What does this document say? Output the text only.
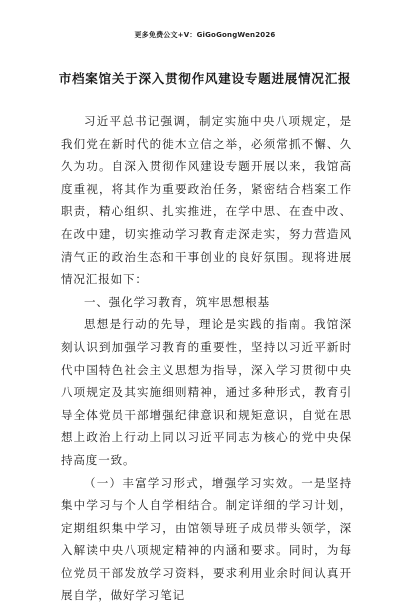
更多免费公文+V：GiGoGongWen2026
市档案馆关于深入贯彻作风建设专题进展情况汇报

习近平总书记强调，制定实施中央八项规定，是我们党在新时代的徙木立信之举，必须常抓不懈、久久为功。自深入贯彻作风建设专题开展以来，我馆高度重视，将其作为重要政治任务，紧密结合档案工作职责，精心组织、扎实推进，在学中思、在查中改、在改中建，切实推动学习教育走深走实，努力营造风清气正的政治生态和干事创业的良好氛围。现将进展情况汇报如下：

一、强化学习教育，筑牢思想根基

思想是行动的先导，理论是实践的指南。我馆深刻认识到加强学习教育的重要性，坚持以习近平新时代中国特色社会主义思想为指导，深入学习贯彻中央八项规定及其实施细则精神，通过多种形式，教育引导全体党员干部增强纪律意识和规矩意识，自觉在思想上政治上行动上同以习近平同志为核心的党中央保持高度一致。

（一）丰富学习形式，增强学习实效。一是坚持集中学习与个人自学相结合。制定详细的学习计划，定期组织集中学习，由馆领导班子成员带头领学，深入解读中央八项规定精神的内涵和要求。同时，为每位党员干部发放学习资料，要求利用业余时间认真开展自学，做好学习笔记
